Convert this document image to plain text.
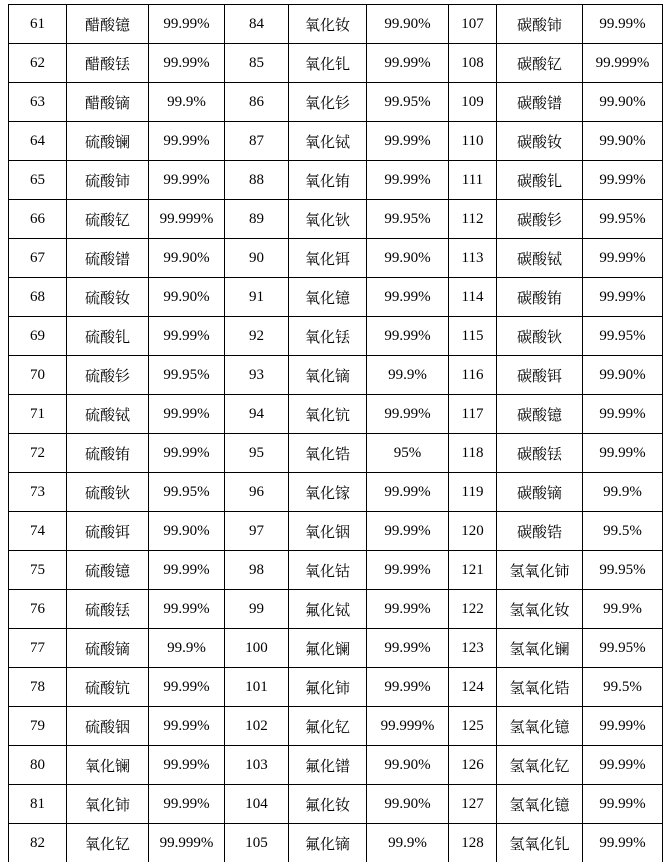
61	醋酸镱	99.99%	84	氧化钕	99.90%	107	碳酸铈	99.99%
62	醋酸铥	99.99%	85	氧化钆	99.99%	108	碳酸钇	99.999%
63	醋酸镝	99.9%	86	氧化钐	99.95%	109	碳酸镨	99.90%
64	硫酸镧	99.99%	87	氧化铽	99.99%	110	碳酸钕	99.90%
65	硫酸铈	99.99%	88	氧化铕	99.99%	111	碳酸钆	99.99%
66	硫酸钇	99.999%	89	氧化钬	99.95%	112	碳酸钐	99.95%
67	硫酸镨	99.90%	90	氧化铒	99.90%	113	碳酸铽	99.99%
68	硫酸钕	99.90%	91	氧化镱	99.99%	114	碳酸铕	99.99%
69	硫酸钆	99.99%	92	氧化铥	99.99%	115	碳酸钬	99.95%
70	硫酸钐	99.95%	93	氧化镝	99.9%	116	碳酸铒	99.90%
71	硫酸铽	99.99%	94	氧化钪	99.99%	117	碳酸镱	99.99%
72	硫酸铕	99.99%	95	氧化锆	95%	118	碳酸铥	99.99%
73	硫酸钬	99.95%	96	氧化镓	99.99%	119	碳酸镝	99.9%
74	硫酸铒	99.90%	97	氧化铟	99.99%	120	碳酸锆	99.5%
75	硫酸镱	99.99%	98	氧化钴	99.99%	121	氢氧化铈	99.95%
76	硫酸铥	99.99%	99	氟化铽	99.99%	122	氢氧化钕	99.9%
77	硫酸镝	99.9%	100	氟化镧	99.99%	123	氢氧化镧	99.95%
78	硫酸钪	99.99%	101	氟化铈	99.99%	124	氢氧化锆	99.5%
79	硫酸铟	99.99%	102	氟化钇	99.999%	125	氢氧化镱	99.99%
80	氧化镧	99.99%	103	氟化镨	99.90%	126	氢氧化钇	99.99%
81	氧化铈	99.99%	104	氟化钕	99.90%	127	氢氧化镱	99.99%
82	氧化钇	99.999%	105	氟化镝	99.9%	128	氢氧化钆	99.99%
